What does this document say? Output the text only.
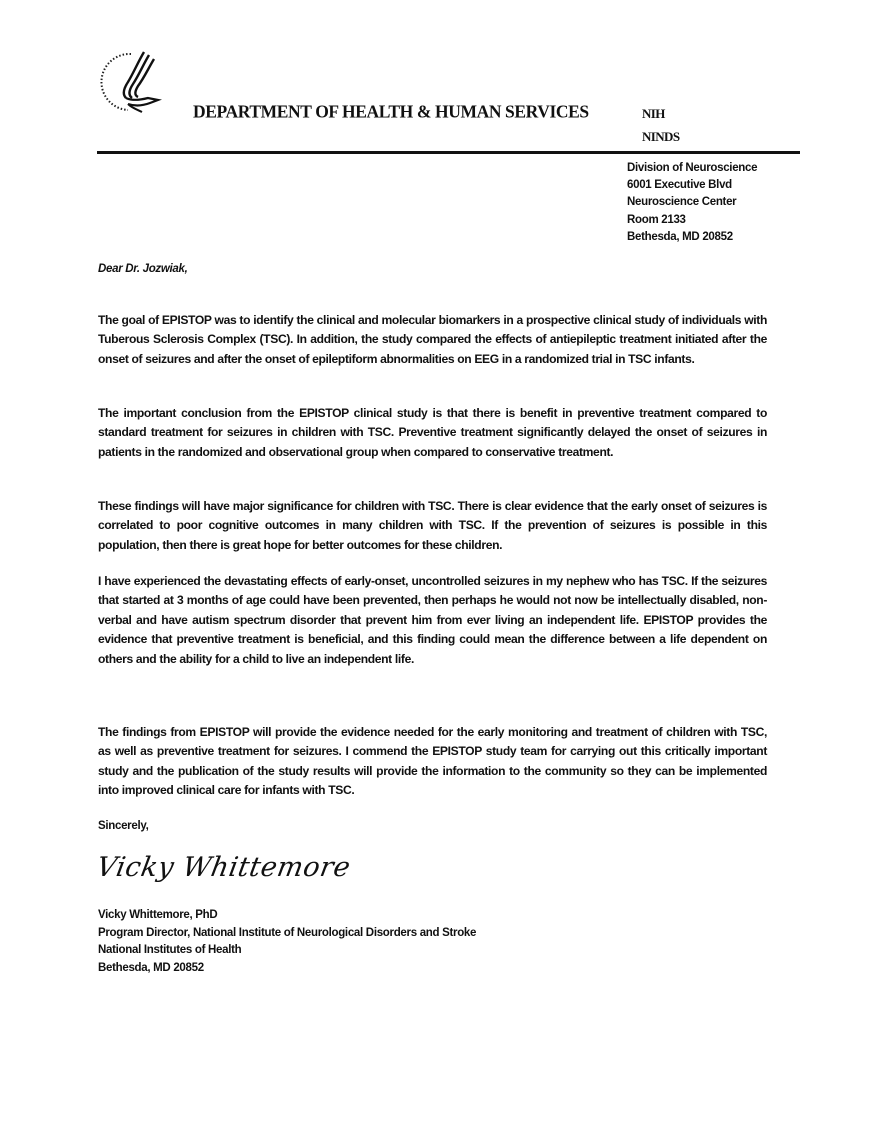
DEPARTMENT OF HEALTH & HUMAN SERVICES	NIH
NINDS
Division of Neuroscience
6001 Executive Blvd
Neuroscience Center
Room 2133
Bethesda, MD 20852
Dear Dr. Jozwiak,
The goal of EPISTOP was to identify the clinical and molecular biomarkers in a prospective clinical study of individuals with Tuberous Sclerosis Complex (TSC). In addition, the study compared the effects of antiepileptic treatment initiated after the onset of seizures and after the onset of epileptiform abnormalities on EEG in a randomized trial in TSC infants.
The important conclusion from the EPISTOP clinical study is that there is benefit in preventive treatment compared to standard treatment for seizures in children with TSC. Preventive treatment significantly delayed the onset of seizures in patients in the randomized and observational group when compared to conservative treatment.
These findings will have major significance for children with TSC. There is clear evidence that the early onset of seizures is correlated to poor cognitive outcomes in many children with TSC. If the prevention of seizures is possible in this population, then there is great hope for better outcomes for these children.
I have experienced the devastating effects of early-onset, uncontrolled seizures in my nephew who has TSC. If the seizures that started at 3 months of age could have been prevented, then perhaps he would not now be intellectually disabled, non-verbal and have autism spectrum disorder that prevent him from ever living an independent life. EPISTOP provides the evidence that preventive treatment is beneficial, and this finding could mean the difference between a life dependent on others and the ability for a child to live an independent life.
The findings from EPISTOP will provide the evidence needed for the early monitoring and treatment of children with TSC, as well as preventive treatment for seizures. I commend the EPISTOP study team for carrying out this critically important study and the publication of the study results will provide the information to the community so they can be implemented into improved clinical care for infants with TSC.
Sincerely,
Vicky Whittemore
Vicky Whittemore, PhD
Program Director, National Institute of Neurological Disorders and Stroke
National Institutes of Health
Bethesda, MD 20852
